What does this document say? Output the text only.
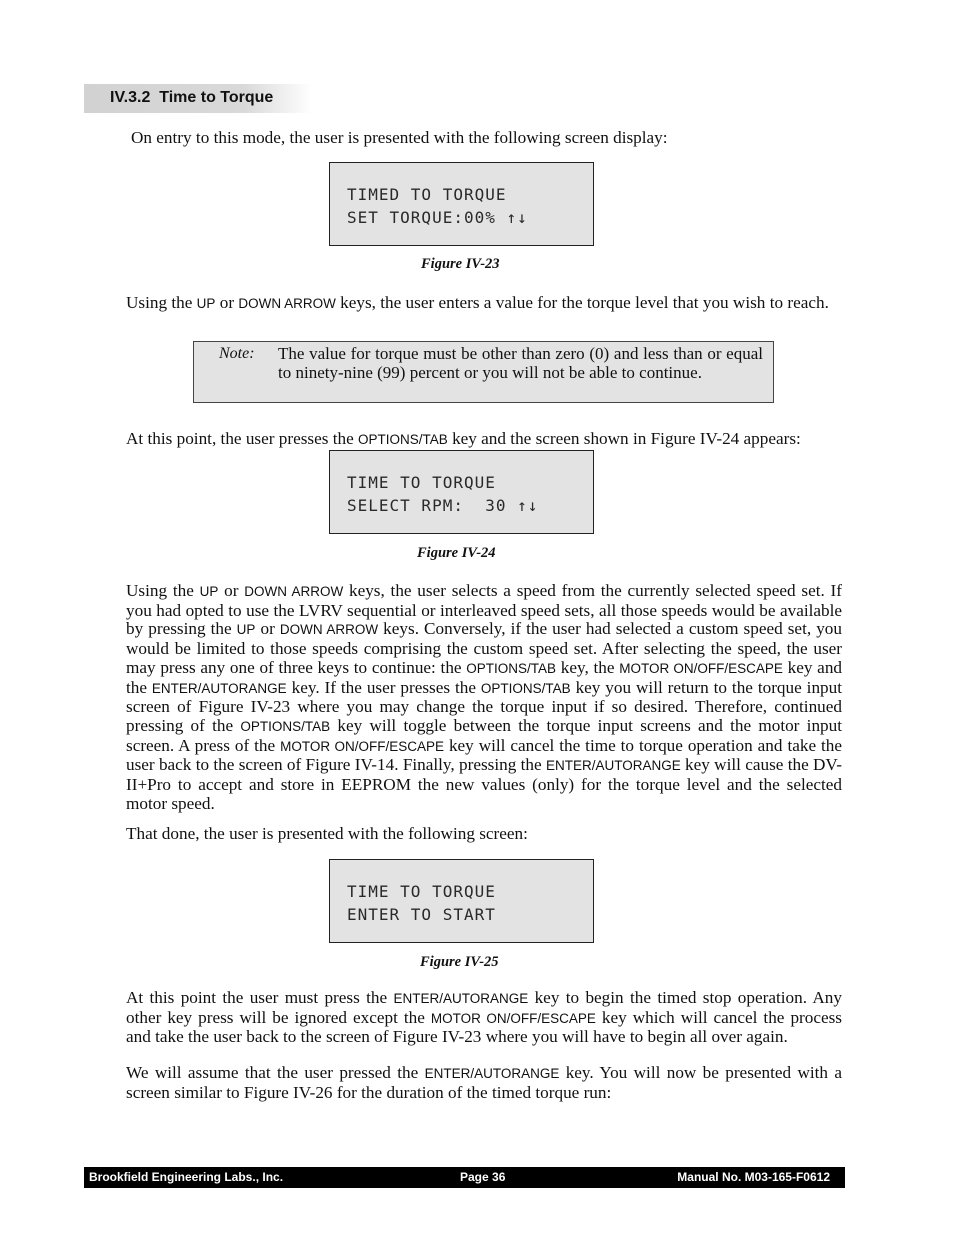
IV.3.2 Time to Torque
On entry to this mode, the user is presented with the following screen display:
TIMED TO TORQUE
SET TORQUE:00% ↑↓
Figure IV-23
Using the UP or DOWN ARROW keys, the user enters a value for the torque level that you wish to reach.
Note: The value for torque must be other than zero (0) and less than or equal to ninety-nine (99) percent or you will not be able to continue.
At this point, the user presses the OPTIONS/TAB key and the screen shown in Figure IV-24 appears:
TIME TO TORQUE
SELECT RPM:  30 ↑↓
Figure IV-24
Using the UP or DOWN ARROW keys, the user selects a speed from the currently selected speed set. If you had opted to use the LVRV sequential or interleaved speed sets, all those speeds would be available by pressing the UP or DOWN ARROW keys. Conversely, if the user had selected a custom speed set, you would be limited to those speeds comprising the custom speed set. After selecting the speed, the user may press any one of three keys to continue: the OPTIONS/TAB key, the MOTOR ON/OFF/ESCAPE key and the ENTER/AUTORANGE key. If the user presses the OPTIONS/TAB key you will return to the torque input screen of Figure IV-23 where you may change the torque input if so desired. Therefore, continued pressing of the OPTIONS/TAB key will toggle between the torque input screens and the motor input screen. A press of the MOTOR ON/OFF/ESCAPE key will cancel the time to torque operation and take the user back to the screen of Figure IV-14. Finally, pressing the ENTER/AUTORANGE key will cause the DV-II+Pro to accept and store in EEPROM the new values (only) for the torque level and the selected motor speed.
That done, the user is presented with the following screen:
TIME TO TORQUE
ENTER TO START
Figure IV-25
At this point the user must press the ENTER/AUTORANGE key to begin the timed stop operation. Any other key press will be ignored except the MOTOR ON/OFF/ESCAPE key which will cancel the process and take the user back to the screen of Figure IV-23 where you will have to begin all over again.
We will assume that the user pressed the ENTER/AUTORANGE key. You will now be presented with a screen similar to Figure IV-26 for the duration of the timed torque run:
Brookfield Engineering Labs., Inc.	Page 36	Manual No. M03-165-F0612
